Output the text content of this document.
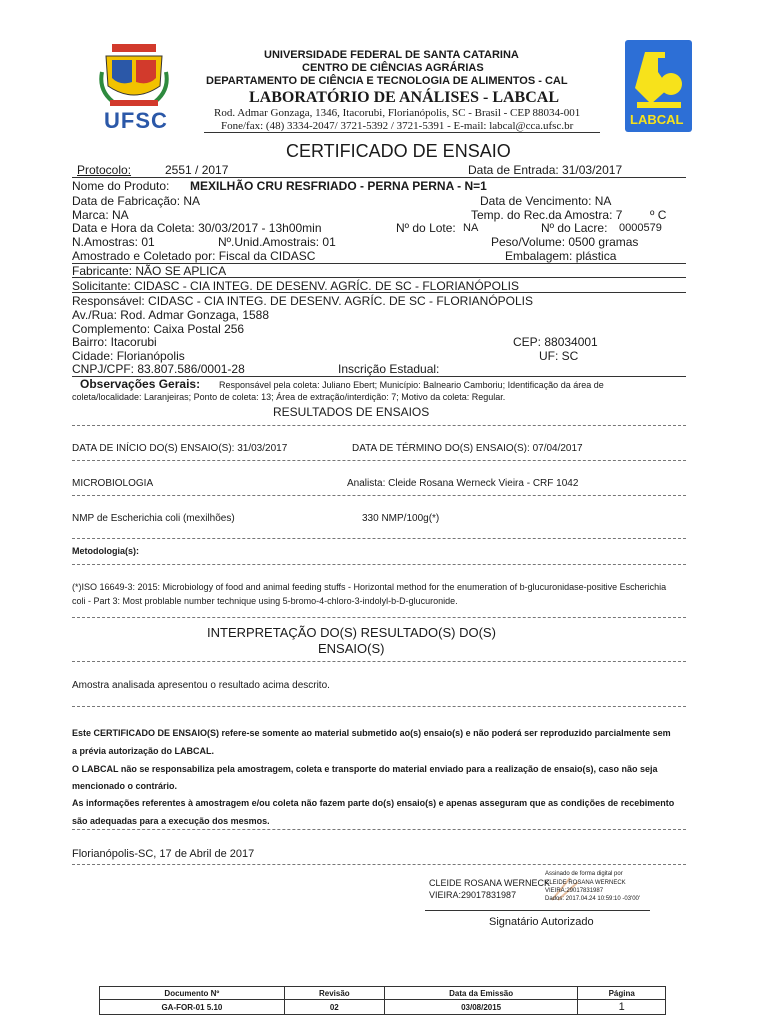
UFSC
UNIVERSIDADE FEDERAL DE SANTA CATARINA
CENTRO DE CIÊNCIAS AGRÁRIAS
DEPARTAMENTO DE CIÊNCIA E TECNOLOGIA DE ALIMENTOS - CAL
LABORATÓRIO DE ANÁLISES - LABCAL
Rod. Admar Gonzaga, 1346, Itacorubi, Florianópolis, SC - Brasil - CEP 88034-001
Fone/fax: (48) 3334-2047/ 3721-5392 / 3721-5391 - E-mail: labcal@cca.ufsc.br	LABCAL
CERTIFICADO DE ENSAIO
Protocolo:	2551 / 2017	Data de Entrada: 31/03/2017
Nome do Produto: MEXILHÃO CRU RESFRIADO - PERNA PERNA - N=1
Data de Fabricação: NA	Data de Vencimento: NA
Marca: NA	Temp. do Rec.da Amostra: 7 º C
Data e Hora da Coleta: 30/03/2017 - 13h00min	Nº do Lote: NA	Nº do Lacre: 0000579
N.Amostras: 01	Nº.Unid.Amostrais: 01	Peso/Volume: 0500 gramas
Amostrado e Coletado por: Fiscal da CIDASC	Embalagem: plástica
Fabricante: NÃO SE APLICA
Solicitante: CIDASC - CIA INTEG. DE DESENV. AGRÍC. DE SC - FLORIANÓPOLIS
Responsável: CIDASC - CIA INTEG. DE DESENV. AGRÍC. DE SC - FLORIANÓPOLIS
Av./Rua: Rod. Admar Gonzaga, 1588
Complemento: Caixa Postal 256
Bairro: Itacorubi	CEP: 88034001
Cidade: Florianópolis	UF: SC
CNPJ/CPF: 83.807.586/0001-28	Inscrição Estadual:
Observações Gerais: Responsável pela coleta: Juliano Ebert; Município: Balneario Camboriu; Identificação da área de
coleta/localidade: Laranjeiras; Ponto de coleta: 13; Área de extração/interdição: 7; Motivo da coleta: Regular.
RESULTADOS DE ENSAIOS
DATA DE INÍCIO DO(S) ENSAIO(S): 31/03/2017	DATA DE TÉRMINO DO(S) ENSAIO(S): 07/04/2017
MICROBIOLOGIA	Analista: Cleide Rosana Werneck Vieira - CRF 1042
NMP de Escherichia coli (mexilhões)	330 NMP/100g(*)
Metodologia(s):
(*)ISO 16649-3: 2015: Microbiology of food and animal feeding stuffs - Horizontal method for the enumeration of b-glucuronidase-positive Escherichia
coli - Part 3: Most problable number technique using 5-bromo-4-chloro-3-indolyl-b-D-glucuronide.
INTERPRETAÇÃO DO(S) RESULTADO(S) DO(S)
ENSAIO(S)
Amostra analisada apresentou o resultado acima descrito.
Este CERTIFICADO DE ENSAIO(S) refere-se somente ao material submetido ao(s) ensaio(s) e não poderá ser reproduzido parcialmente sem
a prévia autorização do LABCAL.
O LABCAL não se responsabiliza pela amostragem, coleta e transporte do material enviado para a realização de ensaio(s), caso não seja
mencionado o contrário.
As informações referentes à amostragem e/ou coleta não fazem parte do(s) ensaio(s) e apenas asseguram que as condições de recebimento
são adequadas para a execução dos mesmos.
Florianópolis-SC, 17 de Abril de 2017
CLEIDE ROSANA WERNECK
VIEIRA:29017831987
Assinado de forma digital por
CLEIDE ROSANA WERNECK
VIEIRA:29017831987
Dados: 2017.04.24 10:59:10 -03'00'
Signatário Autorizado
Documento Nº	Revisão	Data da Emissão	Página
GA-FOR-01 5.10	02	03/08/2015	1
